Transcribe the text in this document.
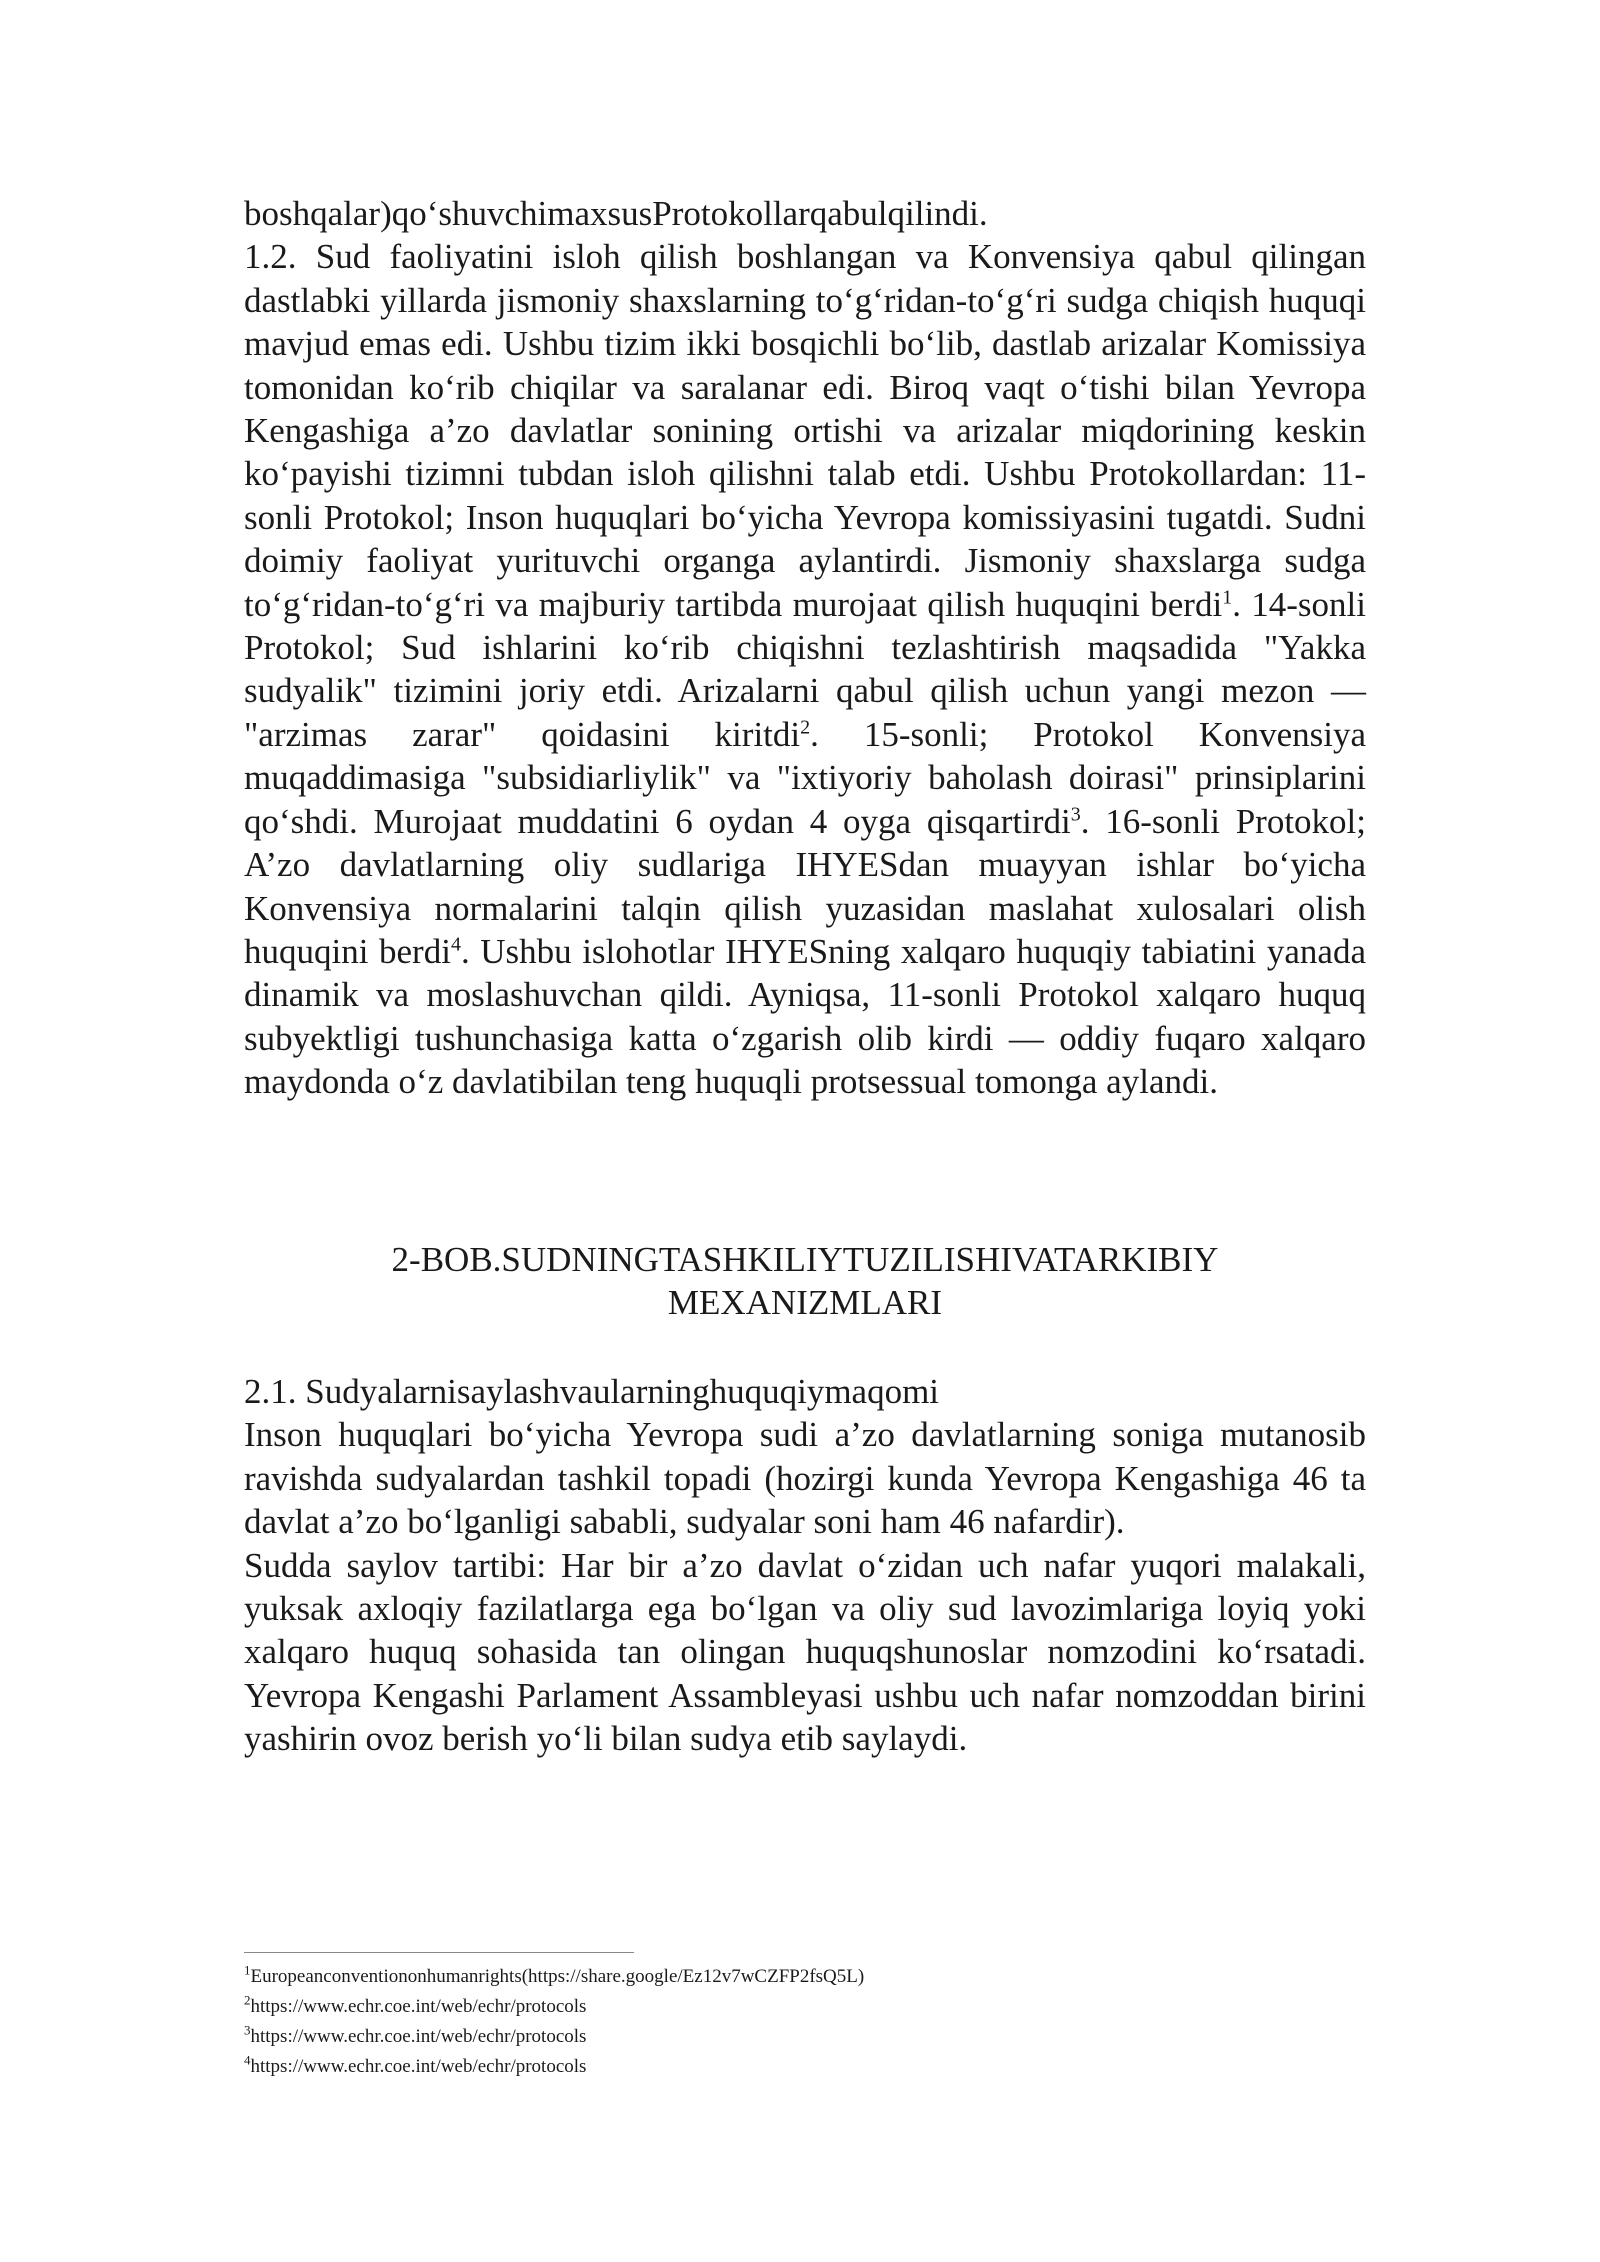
boshqalar)qo‘shuvchimaxsusProtokollarqabulqilindi.

1.2. Sud faoliyatini isloh qilish boshlangan va Konvensiya qabul qilingan dastlabki yillarda jismoniy shaxslarning to‘g‘ridan-to‘g‘ri sudga chiqish huquqi mavjud emas edi. Ushbu tizim ikki bosqichli bo‘lib, dastlab arizalar Komissiya tomonidan ko‘rib chiqilar va saralanar edi. Biroq vaqt o‘tishi bilan Yevropa Kengashiga a’zo davlatlar sonining ortishi va arizalar miqdorining keskin ko‘payishi tizimni tubdan isloh qilishni talab etdi. Ushbu Protokollardan: 11-sonli Protokol; Inson huquqlari bo‘yicha Yevropa komissiyasini tugatdi. Sudni doimiy faoliyat yurituvchi organga aylantirdi. Jismoniy shaxslarga sudga to‘g‘ridan-to‘g‘ri va majburiy tartibda murojaat qilish huquqini berdi$^1$. 14-sonli Protokol; Sud ishlarini ko‘rib chiqishni tezlashtirish maqsadida "Yakka sudyalik" tizimini joriy etdi. Arizalarni qabul qilish uchun yangi mezon — "arzimas zarar" qoidasini kiritdi$^2$. 15-sonli; Protokol Konvensiya muqaddimasiga "subsidiarliylik" va "ixtiyoriy baholash doirasi" prinsiplarini qo‘shdi. Murojaat muddatini 6 oydan 4 oyga qisqartirdi$^3$. 16-sonli Protokol; A’zo davlatlarning oliy sudlariga IHYESdan muayyan ishlar bo‘yicha Konvensiya normalarini talqin qilish yuzasidan maslahat xulosalari olish huquqini berdi$^4$. Ushbu islohotlar IHYESning xalqaro huquqiy tabiatini yanada dinamik va moslashuvchan qildi. Ayniqsa, 11-sonli Protokol xalqaro huquq subyektligi tushunchasiga katta o‘zgarish olib kirdi — oddiy fuqaro xalqaro maydonda o‘z davlatibilan teng huquqli protsessual tomonga aylandi.

2-BOB.SUDNINGTASHKILIYTUZILISHIVATARKIBIY

MEXANIZMLARI

2.1. Sudyalarnisaylashvaularninghuquqiymaqomi

Inson huquqlari bo‘yicha Yevropa sudi a’zo davlatlarning soniga mutanosib ravishda sudyalardan tashkil topadi (hozirgi kunda Yevropa Kengashiga 46 ta davlat a’zo bo‘lganligi sababli, sudyalar soni ham 46 nafardir).

Sudda saylov tartibi: Har bir a’zo davlat o‘zidan uch nafar yuqori malakali, yuksak axloqiy fazilatlarga ega bo‘lgan va oliy sud lavozimlariga loyiq yoki xalqaro huquq sohasida tan olingan huquqshunoslar nomzodini ko‘rsatadi. Yevropa Kengashi Parlament Assambleyasi ushbu uch nafar nomzoddan birini yashirin ovoz berish yo‘li bilan sudya etib saylaydi.

$^1$Europeanconventiononhumanrights(https://share.google/Ez12v7wCZFP2fsQ5L)

$^2$https://www.echr.coe.int/web/echr/protocols

$^3$https://www.echr.coe.int/web/echr/protocols

$^4$https://www.echr.coe.int/web/echr/protocols
